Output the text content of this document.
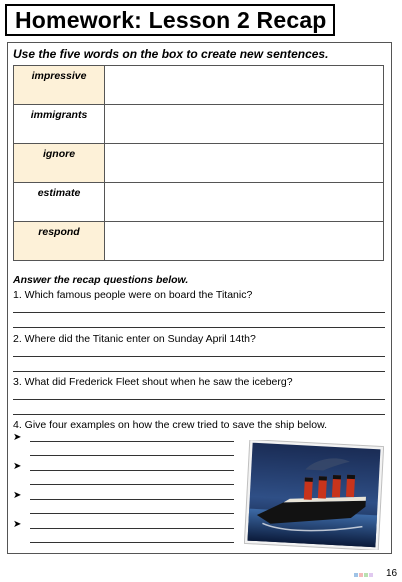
Homework: Lesson 2 Recap
Use the five words on the box to create new sentences.
impressive	
immigrants	
ignore	
estimate	
respond	
Answer the recap questions below.
1. Which famous people were on board the Titanic?
2. Where did the Titanic enter on Sunday April 14th?
3. What did Frederick Fleet shout when he saw the iceberg?
4. Give four examples on how the crew tried to save the ship below.
➤
➤
➤
➤
16
